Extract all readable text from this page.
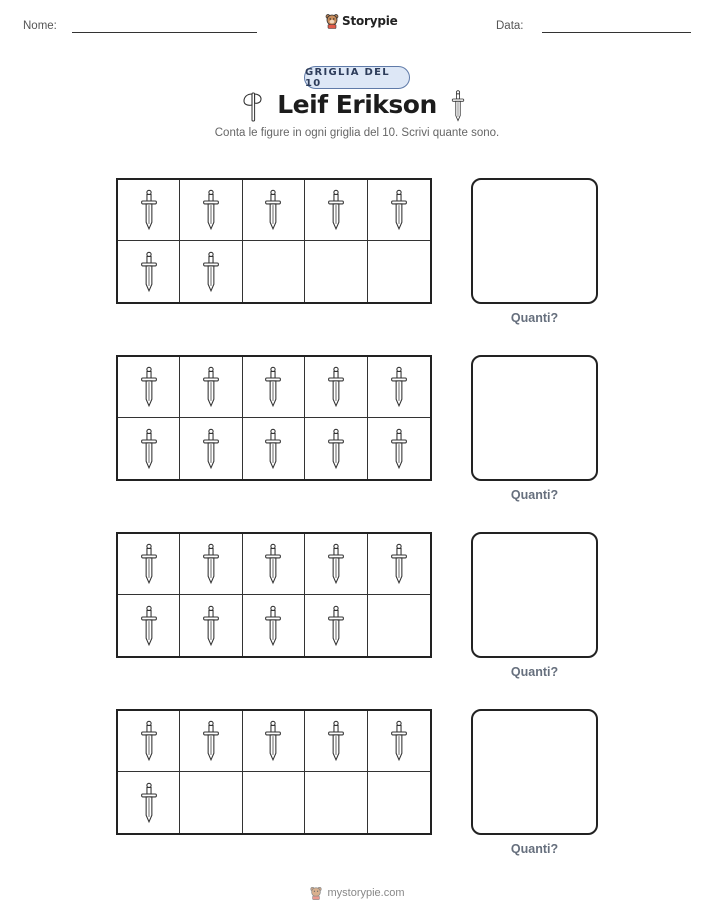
Nome:	Storypie	Data:
GRIGLIA DEL 10
Leif Erikson
Conta le figure in ogni griglia del 10. Scrivi quante sono.
Quanti?
Quanti?
Quanti?
Quanti?
mystorypie.com
